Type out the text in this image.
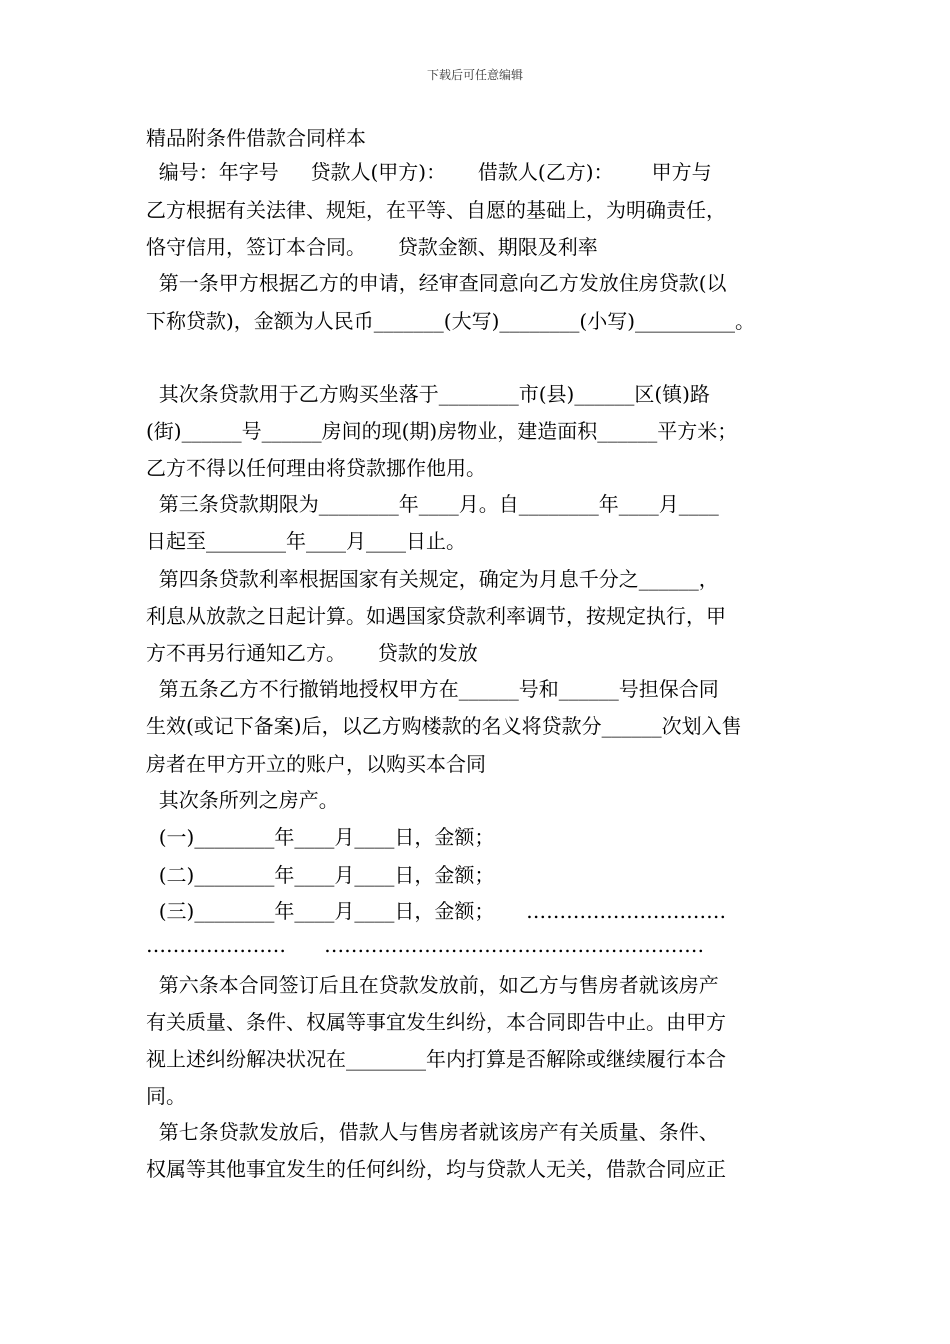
下载后可任意编辑
精品附条件借款合同样本
编号：年字号     贷款人(甲方)：     借款人(乙方)：      甲方与
乙方根据有关法律、规矩，在平等、自愿的基础上，为明确责任，
恪守信用，签订本合同。     贷款金额、期限及利率
第一条甲方根据乙方的申请，经审查同意向乙方发放住房贷款(以
下称贷款)，金额为人民币_______(大写)________(小写)__________。
其次条贷款用于乙方购买坐落于________市(县)______区(镇)路
(街)______号______房间的现(期)房物业，建造面积______平方米；
乙方不得以任何理由将贷款挪作他用。
第三条贷款期限为________年____月。自________年____月____
日起至________年____月____日止。
第四条贷款利率根据国家有关规定，确定为月息千分之______，
利息从放款之日起计算。如遇国家贷款利率调节，按规定执行，甲
方不再另行通知乙方。     贷款的发放
第五条乙方不行撤销地授权甲方在______号和______号担保合同
生效(或记下备案)后，以乙方购楼款的名义将贷款分______次划入售
房者在甲方开立的账户，以购买本合同
其次条所列之房产。
(一)________年____月____日，金额；
(二)________年____月____日，金额；
(三)________年____月____日，金额；     …………………………
…………………      …………………………………………………
第六条本合同签订后且在贷款发放前，如乙方与售房者就该房产
有关质量、条件、权属等事宜发生纠纷，本合同即告中止。由甲方
视上述纠纷解决状况在________年内打算是否解除或继续履行本合
同。
第七条贷款发放后，借款人与售房者就该房产有关质量、条件、
权属等其他事宜发生的任何纠纷，均与贷款人无关，借款合同应正
